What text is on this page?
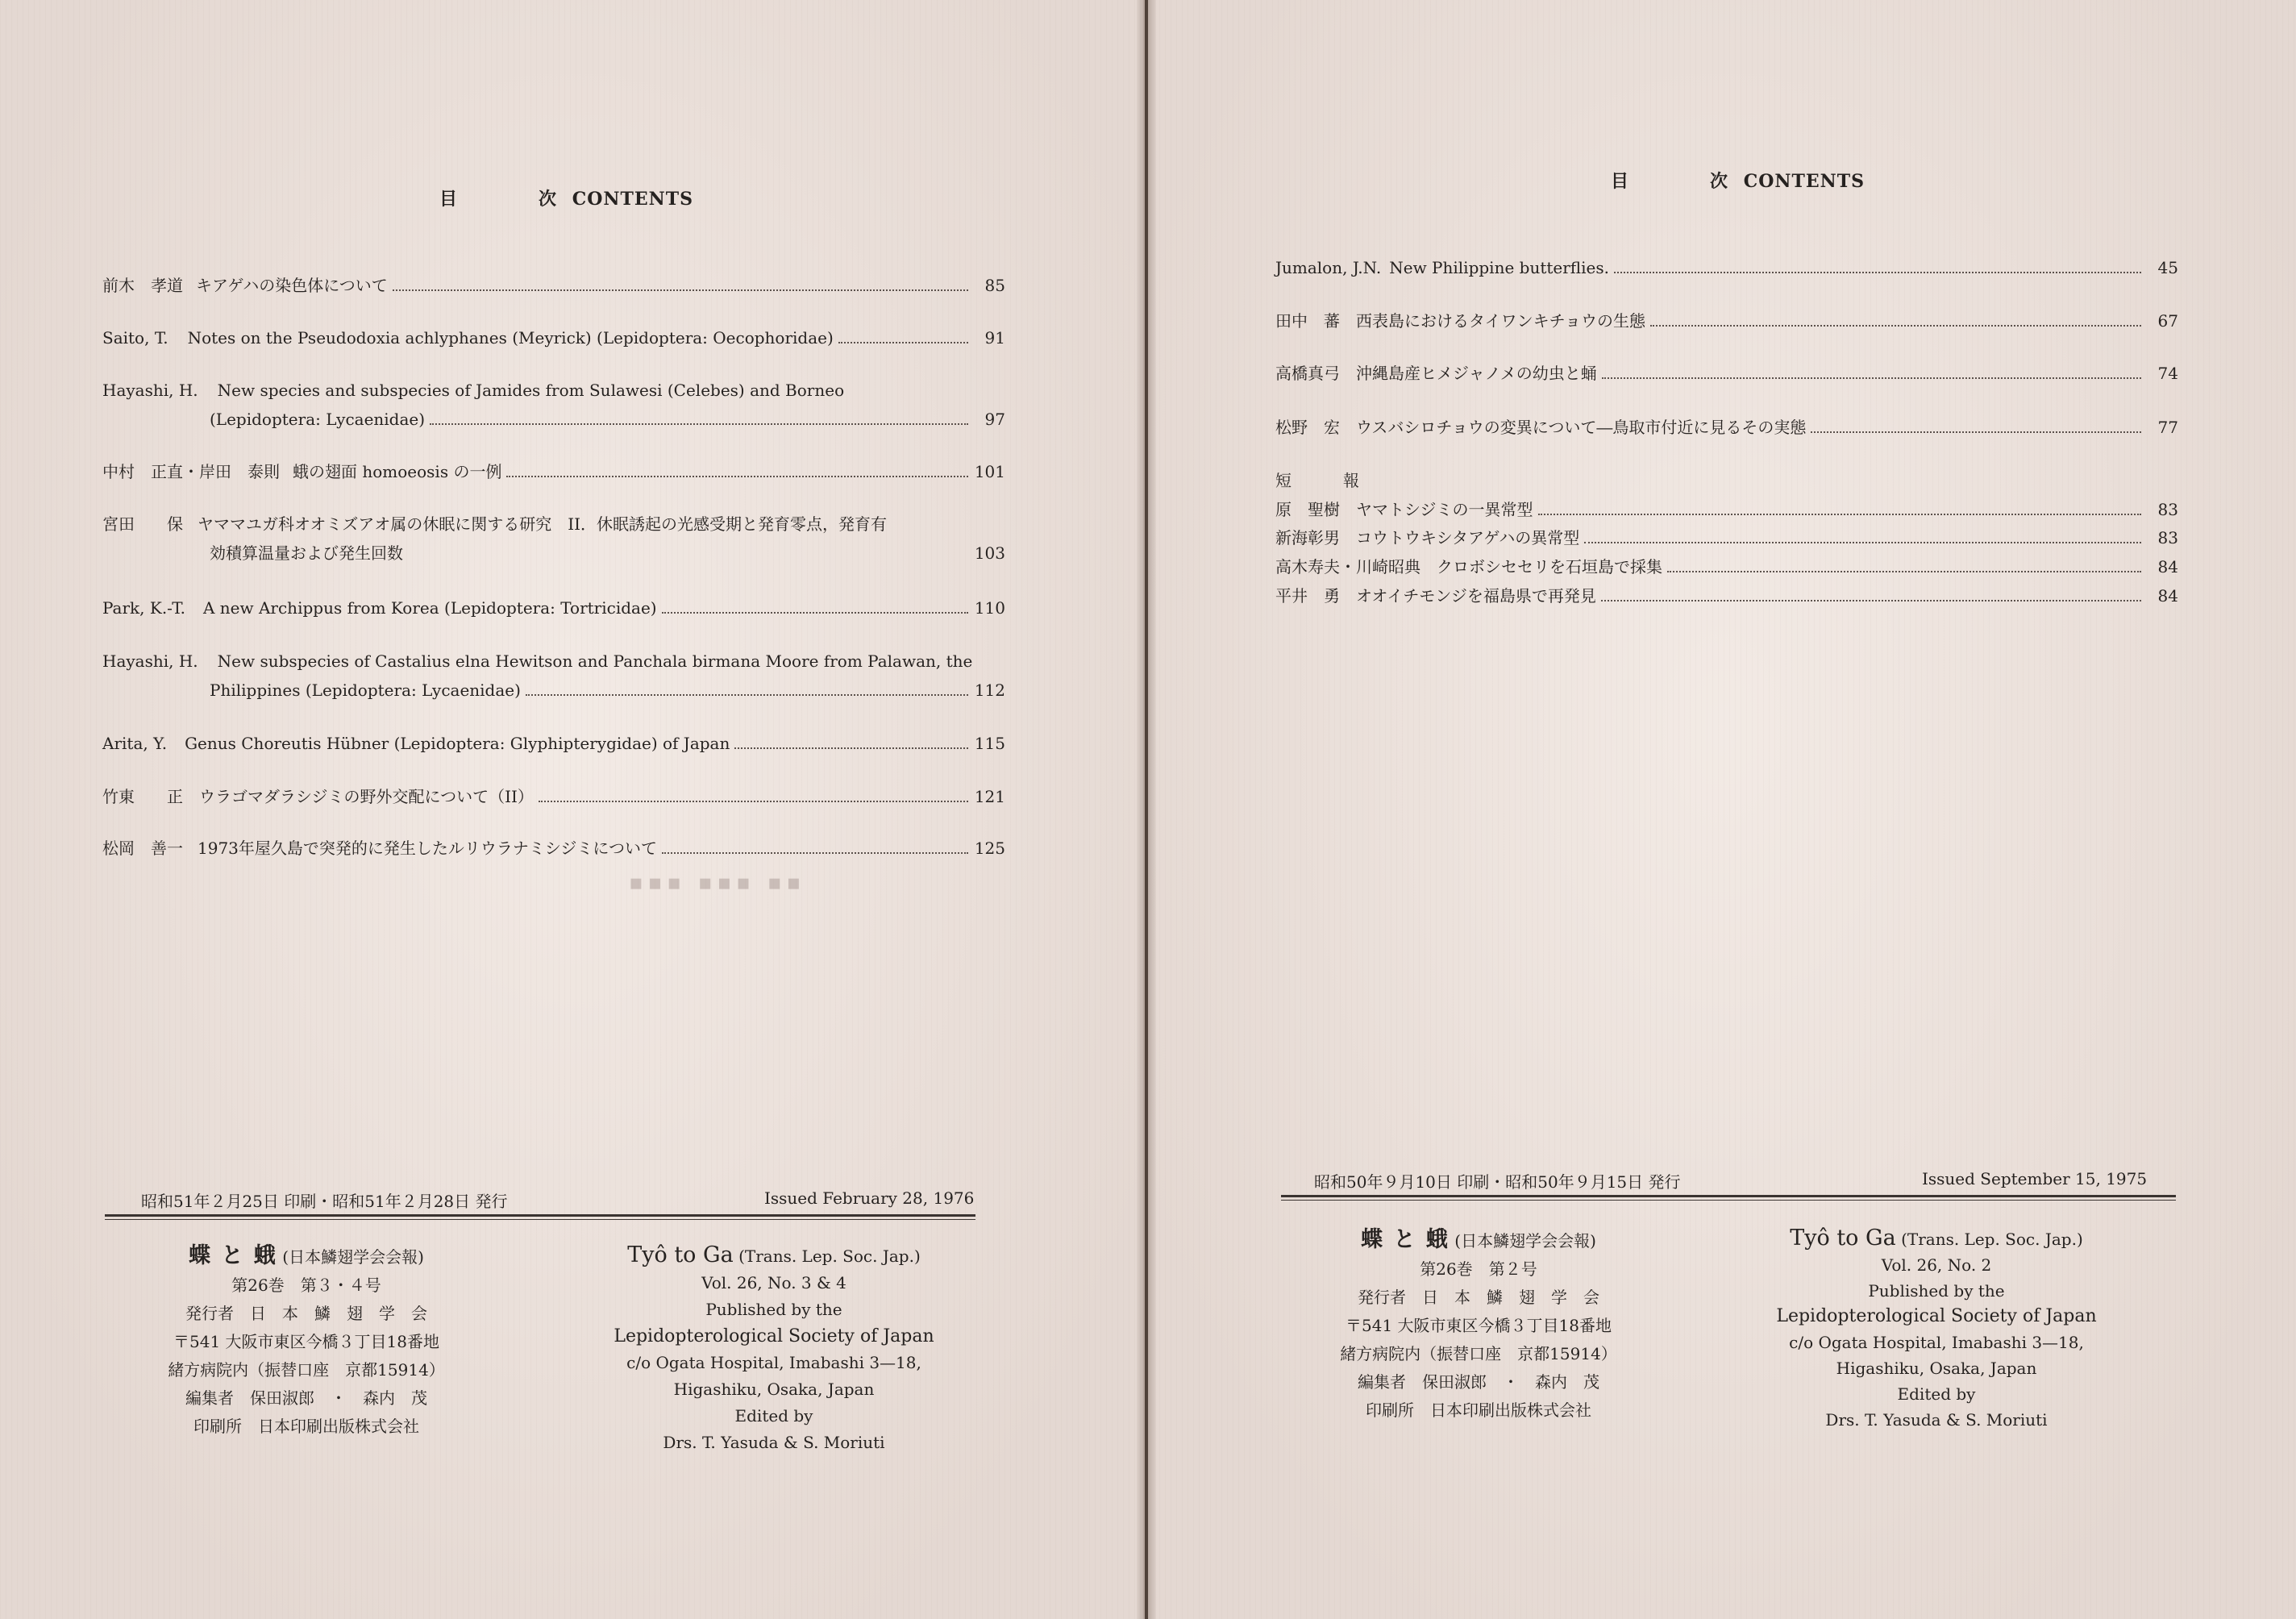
目	次 CONTENTS
前木　孝道 キアゲハの染色体について	85
Saito, T. Notes on the Pseudodoxia achlyphanes (Meyrick) (Lepidoptera: Oecophoridae)	91
Hayashi, H. New species and subspecies of Jamides from Sulawesi (Celebes) and Borneo
(Lepidoptera: Lycaenidae)	97
中村　正直・岸田　泰則 蛾の翅面 homoeosis の一例	101
宮田　　保 ヤママユガ科オオミズアオ属の休眠に関する研究　II．休眠誘起の光感受期と発育零点，発育有
効積算温量および発生回数	103
Park, K.-T. A new Archippus from Korea (Lepidoptera: Tortricidae)	110
Hayashi, H. New subspecies of Castalius elna Hewitson and Panchala birmana Moore from Palawan, the
Philippines (Lepidoptera: Lycaenidae)	112
Arita, Y. Genus Choreutis Hübner (Lepidoptera: Glyphipterygidae) of Japan	115
竹東　　正 ウラゴマダラシジミの野外交配について（II）	121
松岡　善一 1973年屋久島で突発的に発生したルリウラナミシジミについて	125
▪▪▪ ▪▪▪ ▪▪
昭和51年２月25日 印刷・昭和51年２月28日 発行	Issued February 28, 1976
蝶 と 蛾 (日本鱗翅学会会報)
第26巻　第３・４号
発行者　日　本　鱗　翅　学　会
〒541 大阪市東区今橋３丁目18番地
緒方病院内（振替口座　京都15914）
編集者　保田淑郎　・　森内　茂
印刷所　日本印刷出版株式会社
Tyô to Ga (Trans. Lep. Soc. Jap.)
Vol. 26, No. 3 & 4
Published by the
Lepidopterological Society of Japan
c/o Ogata Hospital, Imabashi 3—18,
Higashiku, Osaka, Japan
Edited by
Drs. T. Yasuda & S. Moriuti
目	次 CONTENTS
Jumalon, J.N. New Philippine butterflies.	45
田中　蕃 西表島におけるタイワンキチョウの生態	67
高橋真弓 沖縄島産ヒメジャノメの幼虫と蛹	74
松野　宏 ウスバシロチョウの変異について―鳥取市付近に見るその実態	77
短　報
原　聖樹 ヤマトシジミの一異常型	83
新海彰男 コウトウキシタアゲハの異常型	83
高木寿夫・川崎昭典 クロボシセセリを石垣島で採集	84
平井　勇 オオイチモンジを福島県で再発見	84
昭和50年９月10日 印刷・昭和50年９月15日 発行	Issued September 15, 1975
蝶 と 蛾 (日本鱗翅学会会報)
第26巻　第２号
発行者　日　本　鱗　翅　学　会
〒541 大阪市東区今橋３丁目18番地
緒方病院内（振替口座　京都15914）
編集者　保田淑郎　・　森内　茂
印刷所　日本印刷出版株式会社
Tyô to Ga (Trans. Lep. Soc. Jap.)
Vol. 26, No. 2
Published by the
Lepidopterological Society of Japan
c/o Ogata Hospital, Imabashi 3—18,
Higashiku, Osaka, Japan
Edited by
Drs. T. Yasuda & S. Moriuti
